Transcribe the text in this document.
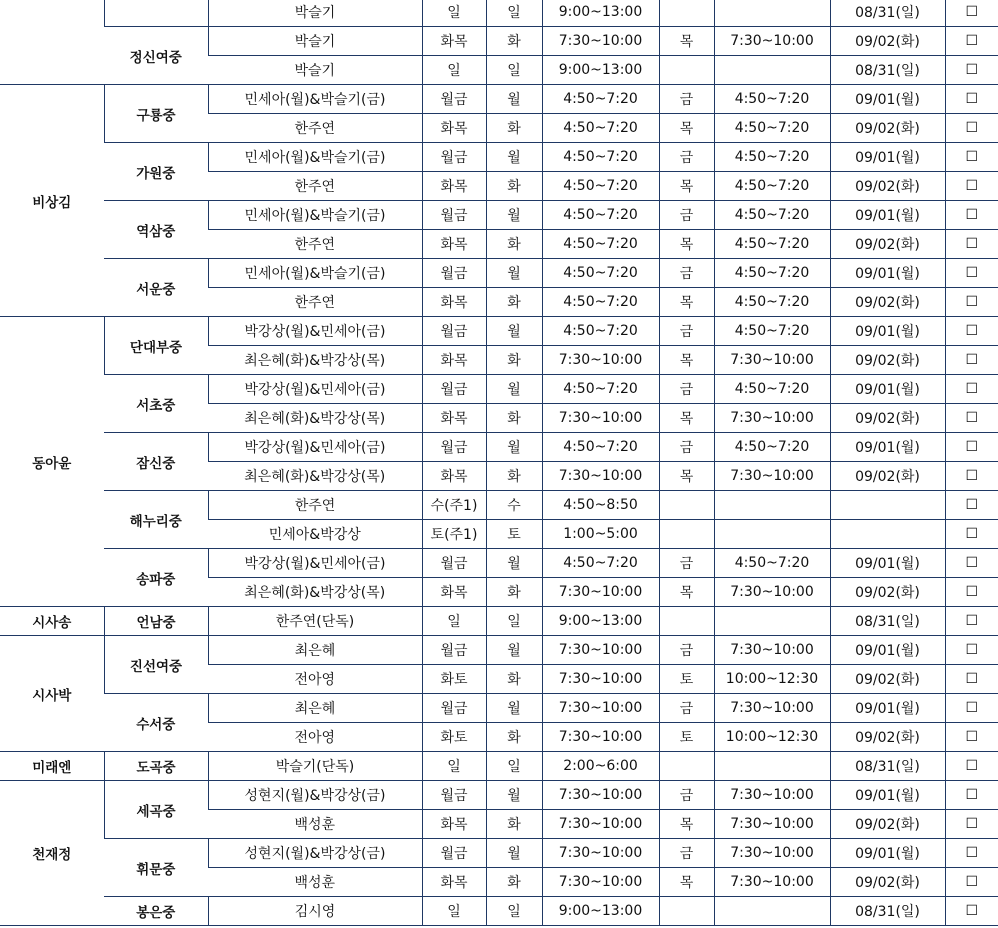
		박슬기	일	일	9:00~13:00			08/31(일)	☐
	정신여중	박슬기	화목	화	7:30~10:00	목	7:30~10:00	09/02(화)	☐
		박슬기	일	일	9:00~13:00			08/31(일)	☐
비상김	구룡중	민세아(월)&박슬기(금)	월금	월	4:50~7:20	금	4:50~7:20	09/01(월)	☐
		한주연	화목	화	4:50~7:20	목	4:50~7:20	09/02(화)	☐
	가원중	민세아(월)&박슬기(금)	월금	월	4:50~7:20	금	4:50~7:20	09/01(월)	☐
		한주연	화목	화	4:50~7:20	목	4:50~7:20	09/02(화)	☐
	역삼중	민세아(월)&박슬기(금)	월금	월	4:50~7:20	금	4:50~7:20	09/01(월)	☐
		한주연	화목	화	4:50~7:20	목	4:50~7:20	09/02(화)	☐
	서운중	민세아(월)&박슬기(금)	월금	월	4:50~7:20	금	4:50~7:20	09/01(월)	☐
		한주연	화목	화	4:50~7:20	목	4:50~7:20	09/02(화)	☐
동아윤	단대부중	박강상(월)&민세아(금)	월금	월	4:50~7:20	금	4:50~7:20	09/01(월)	☐
		최은혜(화)&박강상(목)	화목	화	7:30~10:00	목	7:30~10:00	09/02(화)	☐
	서초중	박강상(월)&민세아(금)	월금	월	4:50~7:20	금	4:50~7:20	09/01(월)	☐
		최은혜(화)&박강상(목)	화목	화	7:30~10:00	목	7:30~10:00	09/02(화)	☐
	잠신중	박강상(월)&민세아(금)	월금	월	4:50~7:20	금	4:50~7:20	09/01(월)	☐
		최은혜(화)&박강상(목)	화목	화	7:30~10:00	목	7:30~10:00	09/02(화)	☐
	해누리중	한주연	수(주1)	수	4:50~8:50				☐
		민세아&박강상	토(주1)	토	1:00~5:00				☐
	송파중	박강상(월)&민세아(금)	월금	월	4:50~7:20	금	4:50~7:20	09/01(월)	☐
		최은혜(화)&박강상(목)	화목	화	7:30~10:00	목	7:30~10:00	09/02(화)	☐
시사송	언남중	한주연(단독)	일	일	9:00~13:00			08/31(일)	☐
시사박	진선여중	최은혜	월금	월	7:30~10:00	금	7:30~10:00	09/01(월)	☐
		전아영	화토	화	7:30~10:00	토	10:00~12:30	09/02(화)	☐
	수서중	최은혜	월금	월	7:30~10:00	금	7:30~10:00	09/01(월)	☐
		전아영	화토	화	7:30~10:00	토	10:00~12:30	09/02(화)	☐
미래엔	도곡중	박슬기(단독)	일	일	2:00~6:00			08/31(일)	☐
천재정	세곡중	성현지(월)&박강상(금)	월금	월	7:30~10:00	금	7:30~10:00	09/01(월)	☐
		백성훈	화목	화	7:30~10:00	목	7:30~10:00	09/02(화)	☐
	휘문중	성현지(월)&박강상(금)	월금	월	7:30~10:00	금	7:30~10:00	09/01(월)	☐
		백성훈	화목	화	7:30~10:00	목	7:30~10:00	09/02(화)	☐
	봉은중	김시영	일	일	9:00~13:00			08/31(일)	☐
